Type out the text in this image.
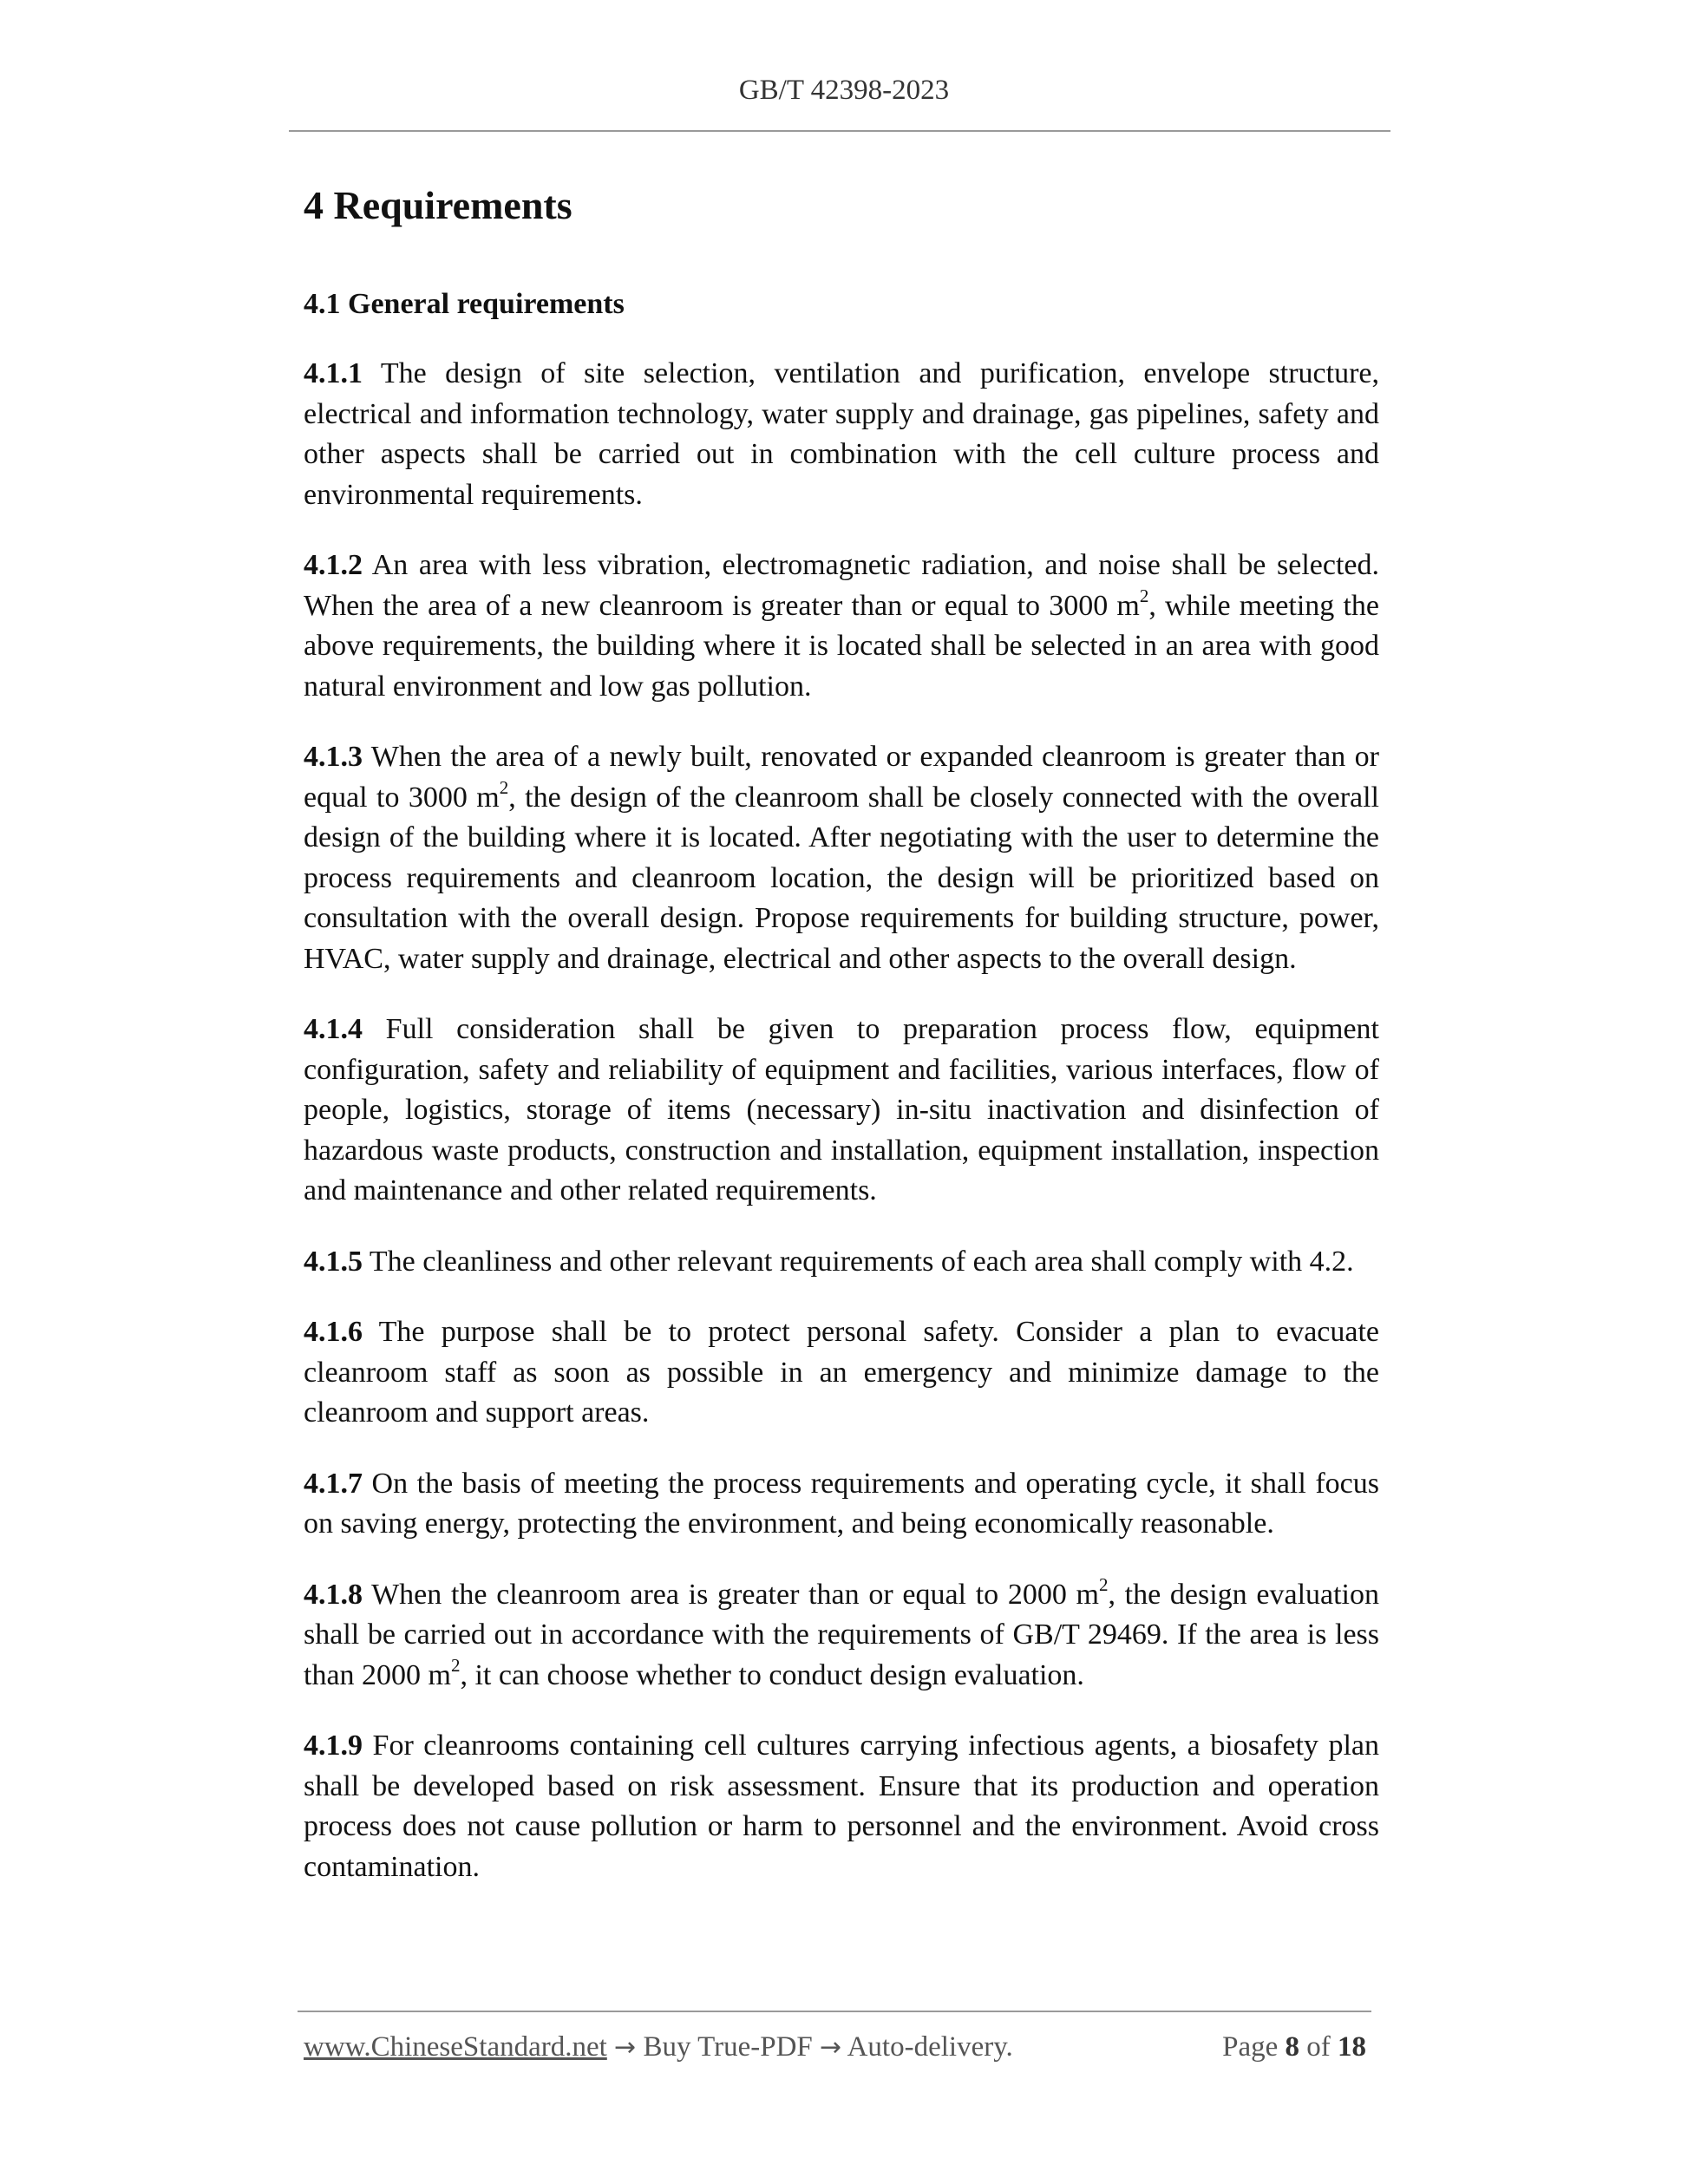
GB/T 42398-2023
4 Requirements
4.1 General requirements

4.1.1 The design of site selection, ventilation and purification, envelope structure, electrical and information technology, water supply and drainage, gas pipelines, safety and other aspects shall be carried out in combination with the cell culture process and environmental requirements.

4.1.2 An area with less vibration, electromagnetic radiation, and noise shall be selected. When the area of a new cleanroom is greater than or equal to 3000 $m^2$, while meeting the above requirements, the building where it is located shall be selected in an area with good natural environment and low gas pollution.

4.1.3 When the area of a newly built, renovated or expanded cleanroom is greater than or equal to 3000 $m^2$, the design of the cleanroom shall be closely connected with the overall design of the building where it is located. After negotiating with the user to determine the process requirements and cleanroom location, the design will be prioritized based on consultation with the overall design. Propose requirements for building structure, power, HVAC, water supply and drainage, electrical and other aspects to the overall design.

4.1.4 Full consideration shall be given to preparation process flow, equipment configuration, safety and reliability of equipment and facilities, various interfaces, flow of people, logistics, storage of items (necessary) in-situ inactivation and disinfection of hazardous waste products, construction and installation, equipment installation, inspection and maintenance and other related requirements.

4.1.5 The cleanliness and other relevant requirements of each area shall comply with 4.2.

4.1.6 The purpose shall be to protect personal safety. Consider a plan to evacuate cleanroom staff as soon as possible in an emergency and minimize damage to the cleanroom and support areas.

4.1.7 On the basis of meeting the process requirements and operating cycle, it shall focus on saving energy, protecting the environment, and being economically reasonable.

4.1.8 When the cleanroom area is greater than or equal to 2000 $m^2$, the design evaluation shall be carried out in accordance with the requirements of GB/T 29469. If the area is less than 2000 $m^2$, it can choose whether to conduct design evaluation.

4.1.9 For cleanrooms containing cell cultures carrying infectious agents, a biosafety plan shall be developed based on risk assessment. Ensure that its production and operation process does not cause pollution or harm to personnel and the environment. Avoid cross contamination.

www.ChineseStandard.net → Buy True-PDF → Auto-delivery.	Page 8 of 18
